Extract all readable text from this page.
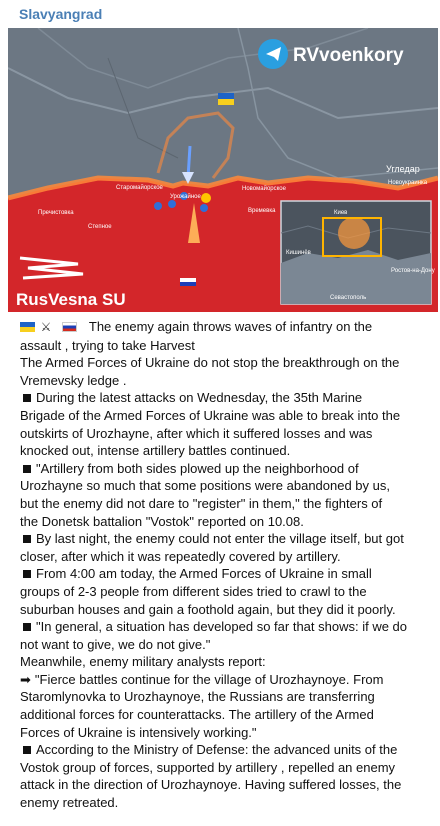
Slavyangrad
RVvoenkory
RusVesna SU
Угледар
Новомайорское
Старомайорское
Урожайное
Новоукраинка
Пречистовка	Времевка
Степное
Киев
Кишинёв
Ростов-на-Дону
Севастополь
⚔	The enemy again throws waves of infantry on the
assault , trying to take Harvest
The Armed Forces of Ukraine do not stop the breakthrough on the
Vremevsky ledge .
During the latest attacks on Wednesday, the 35th Marine
Brigade of the Armed Forces of Ukraine was able to break into the
outskirts of Urozhayne, after which it suffered losses and was
knocked out, intense artillery battles continued.
"Artillery from both sides plowed up the neighborhood of
Urozhayne so much that some positions were abandoned by us,
but the enemy did not dare to "register" in them," the fighters of
the Donetsk battalion "Vostok" reported on 10.08.
By last night, the enemy could not enter the village itself, but got
closer, after which it was repeatedly covered by artillery.
From 4:00 am today, the Armed Forces of Ukraine in small
groups of 2-3 people from different sides tried to crawl to the
suburban houses and gain a foothold again, but they did it poorly.
"In general, a situation has developed so far that shows: if we do
not want to give, we do not give."
Meanwhile, enemy military analysts report:
➡ "Fierce battles continue for the village of Urozhaynoye. From
Staromlynovka to Urozhaynoye, the Russians are transferring
additional forces for counterattacks. The artillery of the Armed
Forces of Ukraine is intensively working."
According to the Ministry of Defense: the advanced units of the
Vostok group of forces, supported by artillery , repelled an enemy
attack in the direction of Urozhaynoye. Having suffered losses, the
enemy retreated.
